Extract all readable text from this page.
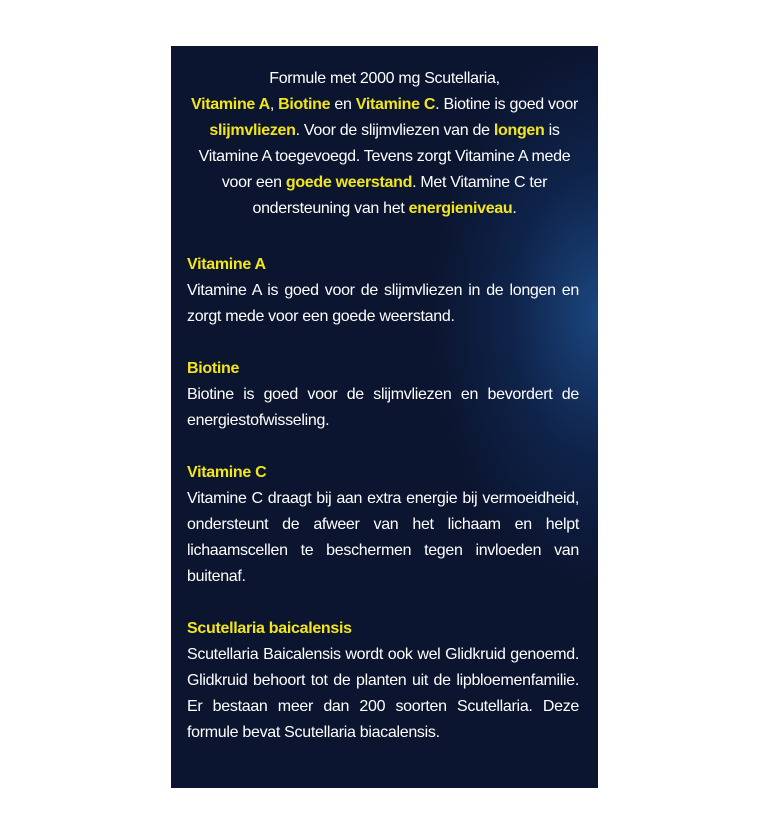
Formule met 2000 mg Scutellaria,
Vitamine A, Biotine en Vitamine C. Biotine is goed voor slijmvliezen. Voor de slijmvliezen van de longen is Vitamine A toegevoegd. Tevens zorgt Vitamine A mede voor een goede weerstand. Met Vitamine C ter ondersteuning van het energieniveau.
Vitamine A

Vitamine A is goed voor de slijmvliezen in de longen en zorgt mede voor een goede weerstand.

Biotine

Biotine is goed voor de slijmvliezen en bevordert de energiestofwisseling.

Vitamine C

Vitamine C draagt bij aan extra energie bij vermoeidheid, ondersteunt de afweer van het lichaam en helpt lichaamscellen te beschermen tegen invloeden van buitenaf.

Scutellaria baicalensis

Scutellaria Baicalensis wordt ook wel Glidkruid genoemd. Glidkruid behoort tot de planten uit de lipbloemenfamilie. Er bestaan meer dan 200 soorten Scutellaria. Deze formule bevat Scutellaria biacalensis.
